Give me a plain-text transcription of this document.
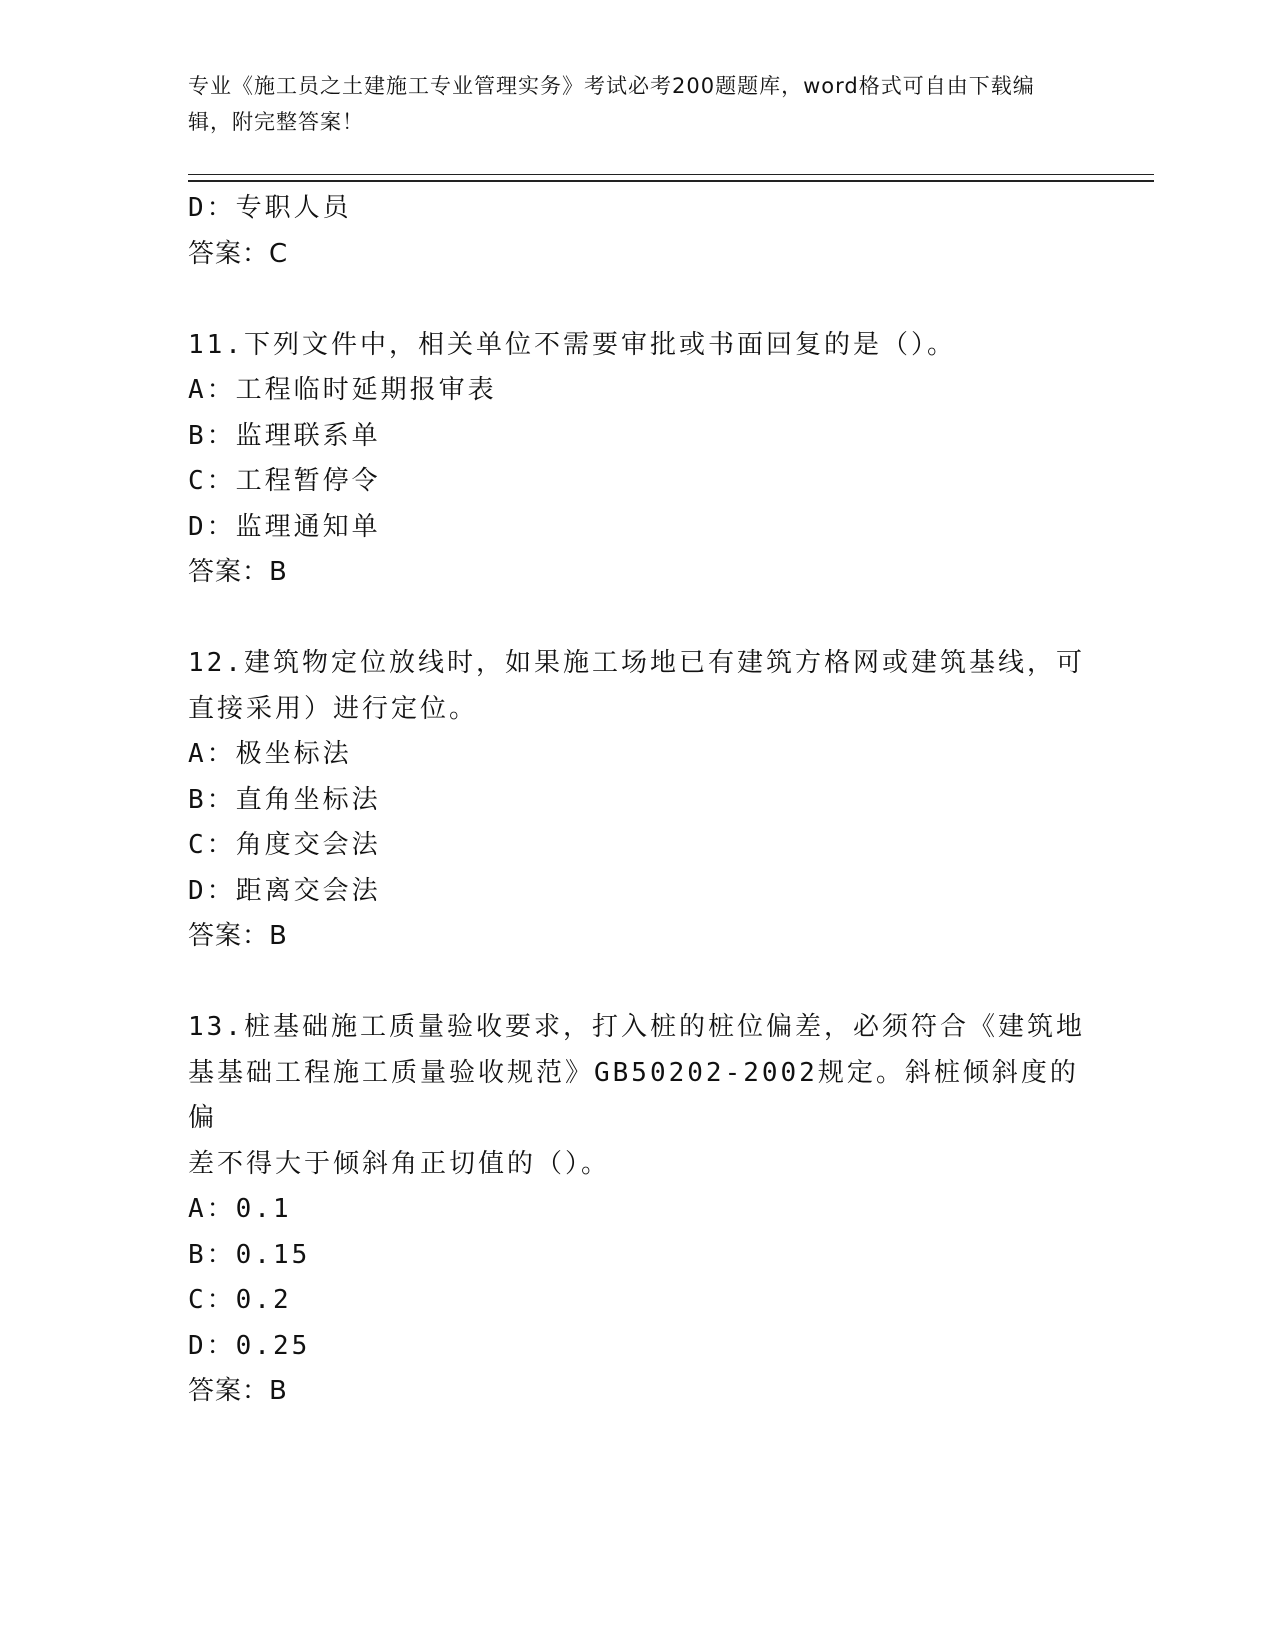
专业《施工员之土建施工专业管理实务》考试必考200题题库，word格式可自由下载编辑，附完整答案！

D：专职人员

答案：C

11.下列文件中，相关单位不需要审批或书面回复的是（）。

A：工程临时延期报审表

B：监理联系单

C：工程暂停令

D：监理通知单

答案：B

12.建筑物定位放线时，如果施工场地已有建筑方格网或建筑基线，可

直接采用）进行定位。

A：极坐标法

B：直角坐标法

C：角度交会法

D：距离交会法

答案：B

13.桩基础施工质量验收要求，打入桩的桩位偏差，必须符合《建筑地

基基础工程施工质量验收规范》GB50202-2002规定。斜桩倾斜度的偏

差不得大于倾斜角正切值的（）。

A：0.1

B：0.15

C：0.2

D：0.25

答案：B
